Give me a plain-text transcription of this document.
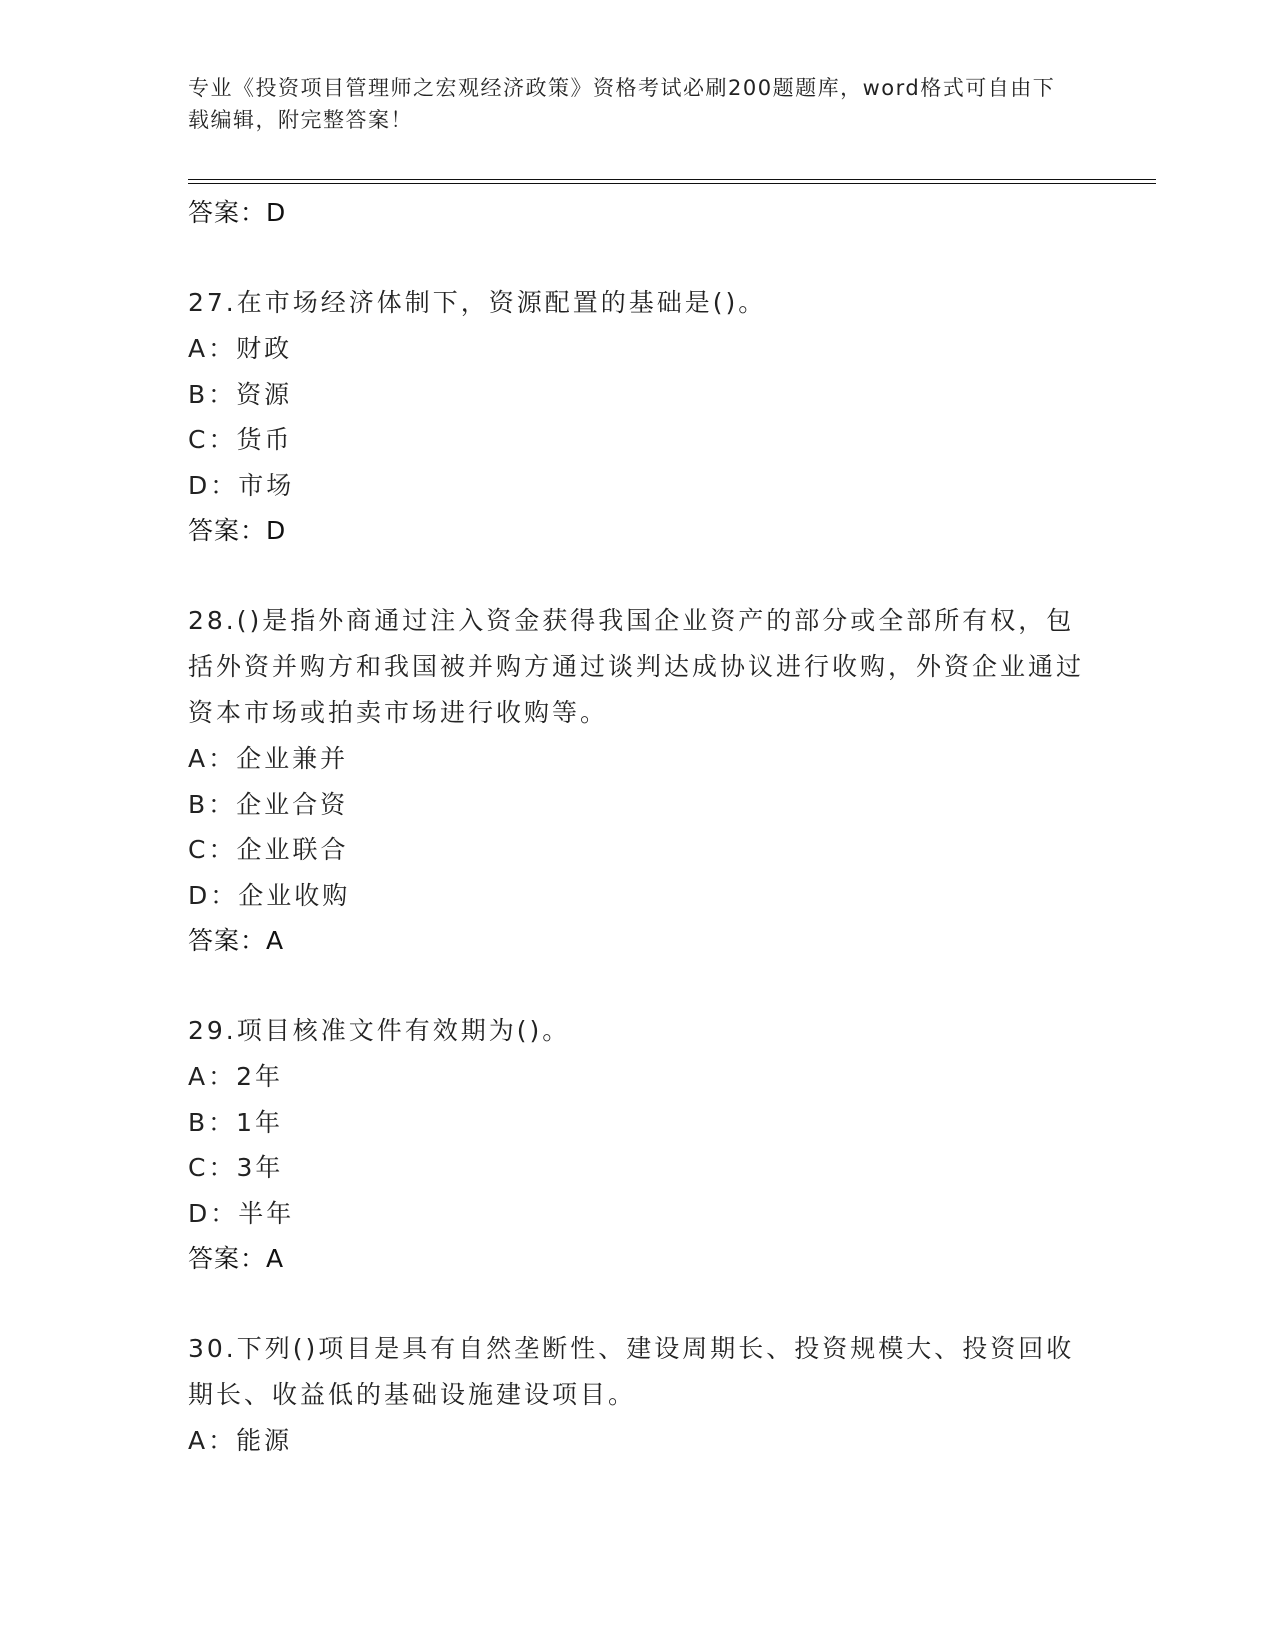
专业《投资项目管理师之宏观经济政策》资格考试必刷200题题库，word格式可自由下载编辑，附完整答案！

答案：D

27.在市场经济体制下，资源配置的基础是()。

A：财政

B：资源

C：货币

D：市场

答案：D

28.()是指外商通过注入资金获得我国企业资产的部分或全部所有权，包括外资并购方和我国被并购方通过谈判达成协议进行收购，外资企业通过资本市场或拍卖市场进行收购等。

A：企业兼并

B：企业合资

C：企业联合

D：企业收购

答案：A

29.项目核准文件有效期为()。

A：2年

B：1年

C：3年

D：半年

答案：A

30.下列()项目是具有自然垄断性、建设周期长、投资规模大、投资回收期长、收益低的基础设施建设项目。

A：能源
